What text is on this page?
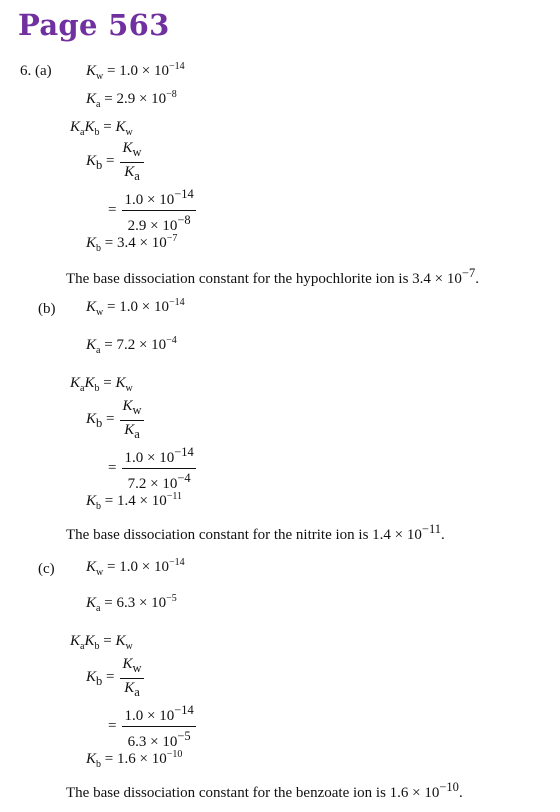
Page 563
6. (a) $K_w = 1.0 \times 10^{-14}$
$K_a = 2.9 \times 10^{-8}$
$K_aK_b = K_w$
$K_b = \frac{K_w}{K_a}$
= $\frac{1.0 \times 10^{-14}}{2.9 \times 10^{-8}}$
$K_b = 3.4 \times 10^{-7}$
The base dissociation constant for the hypochlorite ion is $3.4 \times 10^{-7}$.
(b) $K_w = 1.0 \times 10^{-14}$
$K_a = 7.2 \times 10^{-4}$
$K_aK_b = K_w$
$K_b = \frac{K_w}{K_a}$
= $\frac{1.0 \times 10^{-14}}{7.2 \times 10^{-4}}$
$K_b = 1.4 \times 10^{-11}$
The base dissociation constant for the nitrite ion is $1.4 \times 10^{-11}$.
(c) $K_w = 1.0 \times 10^{-14}$
$K_a = 6.3 \times 10^{-5}$
$K_aK_b = K_w$
$K_b = \frac{K_w}{K_a}$
= $\frac{1.0 \times 10^{-14}}{6.3 \times 10^{-5}}$
$K_b = 1.6 \times 10^{-10}$
The base dissociation constant for the benzoate ion is $1.6 \times 10^{-10}$.
